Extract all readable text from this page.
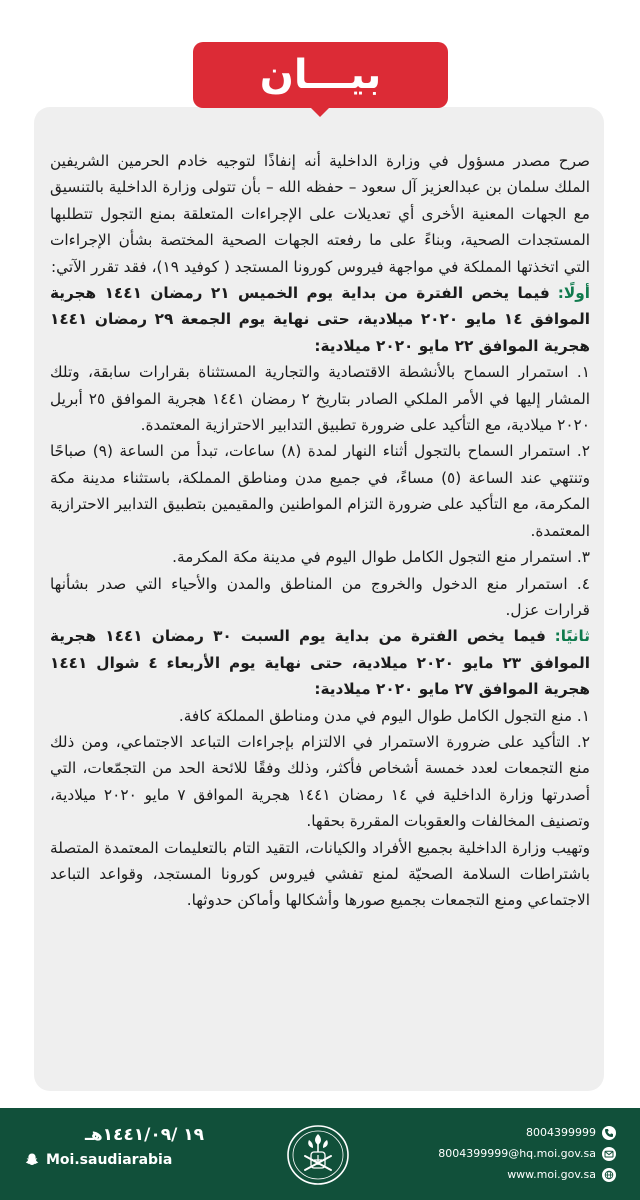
بيـــان

صرح مصدر مسؤول في وزارة الداخلية أنه إنفاذًا لتوجيه خادم الحرمين الشريفين الملك سلمان بن عبدالعزيز آل سعود – حفظه الله – بأن تتولى وزارة الداخلية بالتنسيق مع الجهات المعنية الأخرى أي تعديلات على الإجراءات المتعلقة بمنع التجول تتطلبها المستجدات الصحية، وبناءً على ما رفعته الجهات الصحية المختصة بشأن الإجراءات التي اتخذتها المملكة في مواجهة فيروس كورونا المستجد ( كوفيد ١٩)، فقد تقرر الآتي:

أولًا: فيما يخص الفترة من بداية يوم الخميس ٢١ رمضان ١٤٤١ هجرية الموافق ١٤ مايو ٢٠٢٠ ميلادية، حتى نهاية يوم الجمعة ٢٩ رمضان ١٤٤١ هجرية الموافق ٢٢ مايو ٢٠٢٠ ميلادية:

١. استمرار السماح بالأنشطة الاقتصادية والتجارية المستثناة بقرارات سابقة، وتلك المشار إليها في الأمر الملكي الصادر بتاريخ ٢ رمضان ١٤٤١ هجرية الموافق ٢٥ أبريل ٢٠٢٠ ميلادية، مع التأكيد على ضرورة تطبيق التدابير الاحترازية المعتمدة.

٢. استمرار السماح بالتجول أثناء النهار لمدة (٨) ساعات، تبدأ من الساعة (٩) صباحًا وتنتهي عند الساعة (٥) مساءً، في جميع مدن ومناطق المملكة، باستثناء مدينة مكة المكرمة، مع التأكيد على ضرورة التزام المواطنين والمقيمين بتطبيق التدابير الاحترازية المعتمدة.

٣. استمرار منع التجول الكامل طوال اليوم في مدينة مكة المكرمة.

٤. استمرار منع الدخول والخروج من المناطق والمدن والأحياء التي صدر بشأنها قرارات عزل.

ثانيًا: فيما يخص الفترة من بداية يوم السبت ٣٠ رمضان ١٤٤١ هجرية الموافق ٢٣ مايو ٢٠٢٠ ميلادية، حتى نهاية يوم الأربعاء ٤ شوال ١٤٤١ هجرية الموافق ٢٧ مايو ٢٠٢٠ ميلادية:

١. منع التجول الكامل طوال اليوم في مدن ومناطق المملكة كافة.

٢. التأكيد على ضرورة الاستمرار في الالتزام بإجراءات التباعد الاجتماعي، ومن ذلك منع التجمعات لعدد خمسة أشخاص فأكثر، وذلك وفقًا للائحة الحد من التجمّعات، التي أصدرتها وزارة الداخلية في ١٤ رمضان ١٤٤١ هجرية الموافق ٧ مايو ٢٠٢٠ ميلادية، وتصنيف المخالفات والعقوبات المقررة بحقها.

وتهيب وزارة الداخلية بجميع الأفراد والكيانات، التقيد التام بالتعليمات المعتمدة المتصلة باشتراطات السلامة الصحيّة لمنع تفشي فيروس كورونا المستجد، وقواعد التباعد الاجتماعي ومنع التجمعات بجميع صورها وأشكالها وأماكن حدوثها.

١٩ /١٤٤١/٠٩هـ
Moi.saudiarabia
8004399999
8004399999@hq.moi.gov.sa
www.moi.gov.sa
